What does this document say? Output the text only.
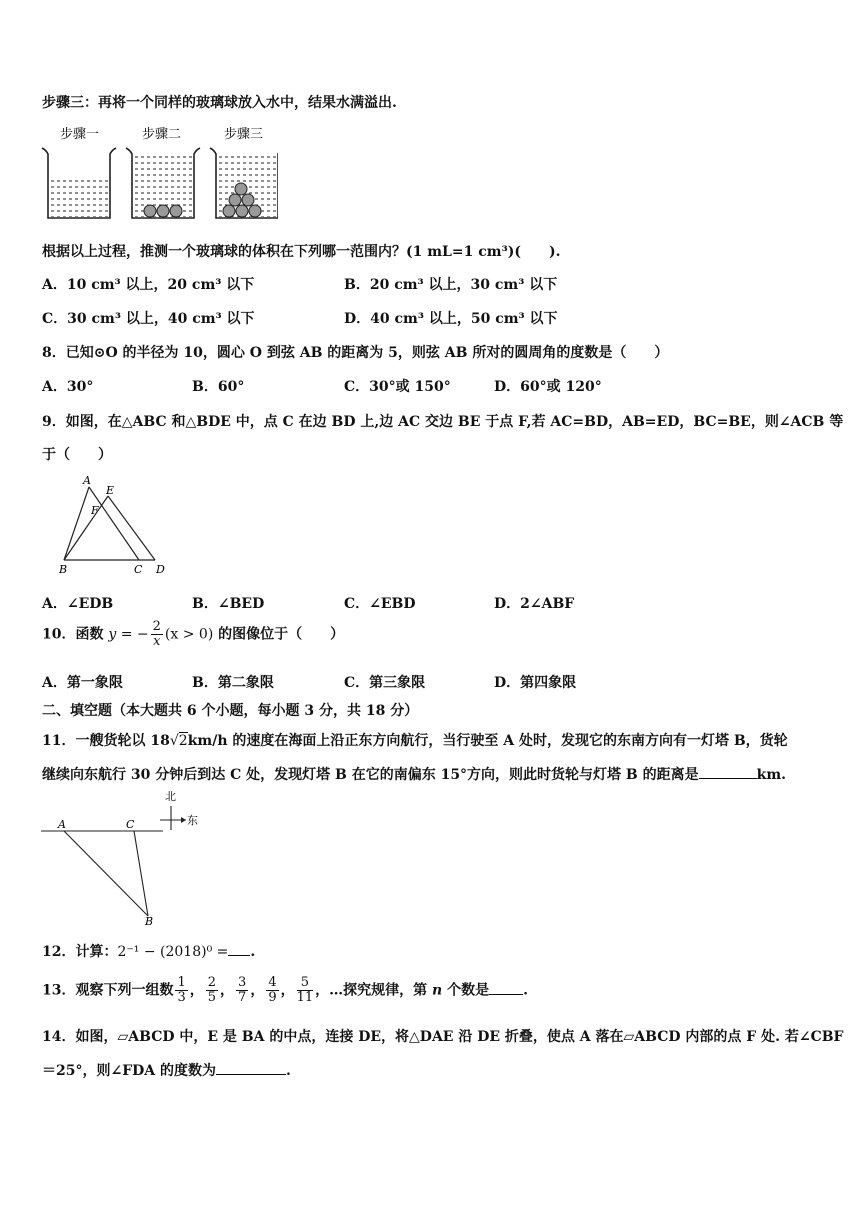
步骤三：再将一个同样的玻璃球放入水中，结果水满溢出.
步骤一	步骤二	步骤三
根据以上过程，推测一个玻璃球的体积在下列哪一范围内？(1 mL=1 cm³)(　　).
A．10 cm³ 以上，20 cm³ 以下	B．20 cm³ 以上，30 cm³ 以下
C．30 cm³ 以上，40 cm³ 以下	D．40 cm³ 以上，50 cm³ 以下
8．已知⊙O 的半径为 10，圆心 O 到弦 AB 的距离为 5，则弦 AB 所对的圆周角的度数是（　　）
A．30°	B．60°	C．30°或 150°	D．60°或 120°
9．如图，在△ABC 和△BDE 中，点 C 在边 BD 上,边 AC 交边 BE 于点 F,若 AC=BD，AB=ED，BC=BE，则∠ACB 等
于（　　）
A
E
F
B	C D
A．∠EDB	B．∠BED	C．∠EBD	D．2∠ABF
10．函数 y = − $\frac{2}{x} (x > 0)$ 的图像位于（　　）
A．第一象限	B．第二象限	C．第三象限	D．第四象限
二、填空题（本大题共 6 个小题，每小题 3 分，共 18 分）
11．一艘货轮以 18√2km/h 的速度在海面上沿正东方向航行，当行驶至 A 处时，发现它的东南方向有一灯塔 B，货轮
继续向东航行 30 分钟后到达 C 处，发现灯塔 B 在它的南偏东 15°方向，则此时货轮与灯塔 B 的距离是	km.
北
东
A	C
B
12．计算：2⁻¹ − (2018)⁰ = .
13．观察下列一组数 $\frac{1}{3}$ ， $\frac{2}{5}$ ， $\frac{3}{7}$ ， $\frac{4}{9}$ ， $\frac{5}{11}$ ，…探究规律，第 n 个数是 .
14．如图，▱ABCD 中，E 是 BA 的中点，连接 DE，将△DAE 沿 DE 折叠，使点 A 落在▱ABCD 内部的点 F 处. 若∠CBF
＝25°，则∠FDA 的度数为	.
